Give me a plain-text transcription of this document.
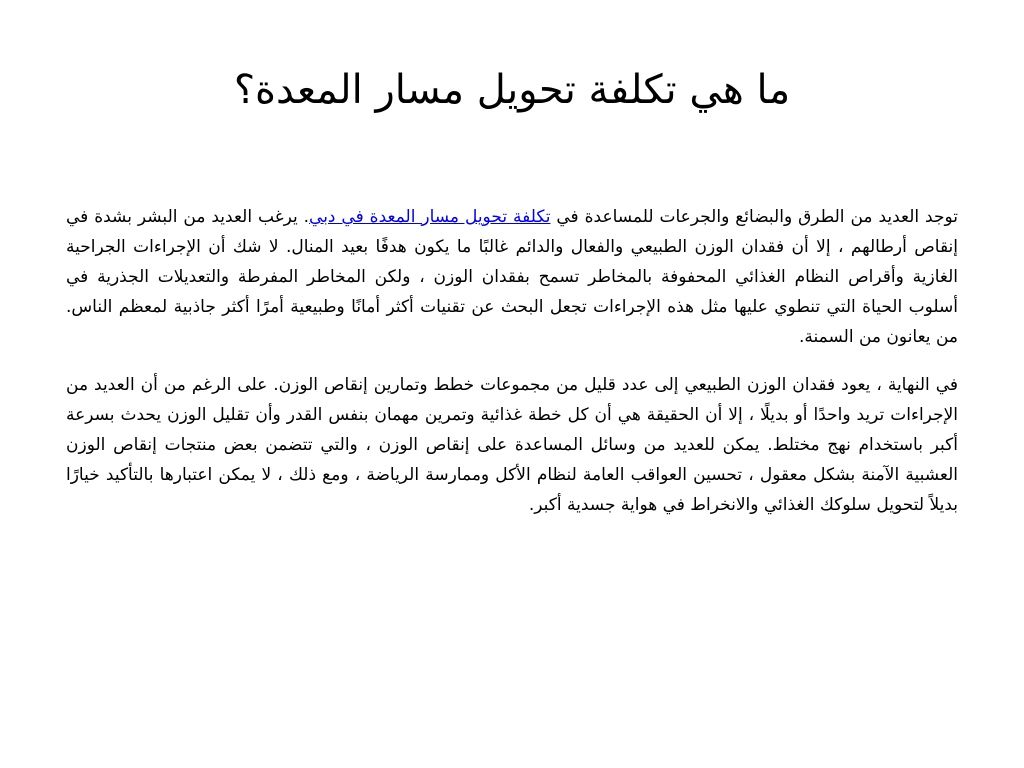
ما هي تكلفة تحويل مسار المعدة؟

توجد العديد من الطرق والبضائع والجرعات للمساعدة في تكلفة تحويل مسار المعدة في دبي. يرغب العديد من البشر بشدة في إنقاص أرطالهم ، إلا أن فقدان الوزن الطبيعي والفعال والدائم غالبًا ما يكون هدفًا بعيد المنال. لا شك أن الإجراءات الجراحية الغازية وأقراص النظام الغذائي المحفوفة بالمخاطر تسمح بفقدان الوزن ، ولكن المخاطر المفرطة والتعديلات الجذرية في أسلوب الحياة التي تنطوي عليها مثل هذه الإجراءات تجعل البحث عن تقنيات أكثر أمانًا وطبيعية أمرًا أكثر جاذبية لمعظم الناس. من يعانون من السمنة.

في النهاية ، يعود فقدان الوزن الطبيعي إلى عدد قليل من مجموعات خطط وتمارين إنقاص الوزن. على الرغم من أن العديد من الإجراءات تريد واحدًا أو بديلًا ، إلا أن الحقيقة هي أن كل خطة غذائية وتمرين مهمان بنفس القدر وأن تقليل الوزن يحدث بسرعة أكبر باستخدام نهج مختلط. يمكن للعديد من وسائل المساعدة على إنقاص الوزن ، والتي تتضمن بعض منتجات إنقاص الوزن العشبية الآمنة بشكل معقول ، تحسين العواقب العامة لنظام الأكل وممارسة الرياضة ، ومع ذلك ، لا يمكن اعتبارها بالتأكيد خيارًا بديلاً لتحويل سلوكك الغذائي والانخراط في هواية جسدية أكبر.
